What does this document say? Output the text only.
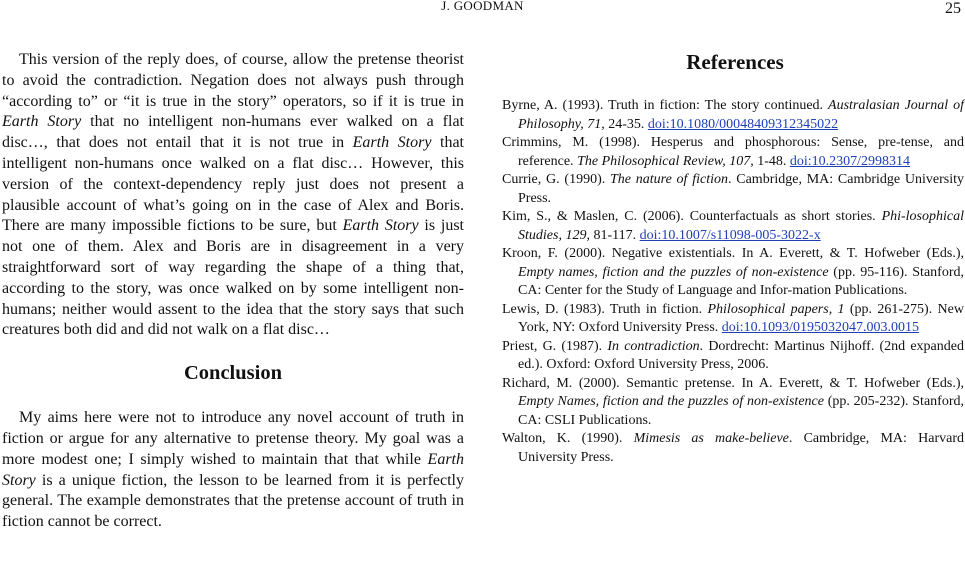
J. GOODMAN	25

This version of the reply does, of course, allow the pretense theorist to avoid the contradiction. Negation does not always push through “according to” or “it is true in the story” operators, so if it is true in Earth Story that no intelligent non-humans ever walked on a flat disc…, that does not entail that it is not true in Earth Story that intelligent non-humans once walked on a flat disc… However, this version of the context-dependency reply just does not present a plausible account of what’s going on in the case of Alex and Boris. There are many impossible fictions to be sure, but Earth Story is just not one of them. Alex and Boris are in disagreement in a very straightforward sort of way regarding the shape of a thing that, according to the story, was once walked on by some intelligent non-humans; neither would assent to the idea that the story says that such creatures both did and did not walk on a flat disc…

Conclusion

My aims here were not to introduce any novel account of truth in fiction or argue for any alternative to pretense theory. My goal was a more modest one; I simply wished to maintain that that while Earth Story is a unique fiction, the lesson to be learned from it is perfectly general. The example demonstrates that the pretense account of truth in fiction cannot be correct.

References

Byrne, A. (1993). Truth in fiction: The story continued. Australasian Journal of Philosophy, 71, 24-35. doi:10.1080/00048409312345022

Crimmins, M. (1998). Hesperus and phosphorous: Sense, pre-tense, and reference. The Philosophical Review, 107, 1-48. doi:10.2307/2998314

Currie, G. (1990). The nature of fiction. Cambridge, MA: Cambridge University Press.

Kim, S., & Maslen, C. (2006). Counterfactuals as short stories. Phi-losophical Studies, 129, 81-117. doi:10.1007/s11098-005-3022-x

Kroon, F. (2000). Negative existentials. In A. Everett, & T. Hofweber (Eds.), Empty names, fiction and the puzzles of non-existence (pp. 95-116). Stanford, CA: Center for the Study of Language and Infor-mation Publications.

Lewis, D. (1983). Truth in fiction. Philosophical papers, 1 (pp. 261-275). New York, NY: Oxford University Press. doi:10.1093/0195032047.003.0015

Priest, G. (1987). In contradiction. Dordrecht: Martinus Nijhoff. (2nd expanded ed.). Oxford: Oxford University Press, 2006.

Richard, M. (2000). Semantic pretense. In A. Everett, & T. Hofweber (Eds.), Empty Names, fiction and the puzzles of non-existence (pp. 205-232). Stanford, CA: CSLI Publications.

Walton, K. (1990). Mimesis as make-believe. Cambridge, MA: Harvard University Press.
